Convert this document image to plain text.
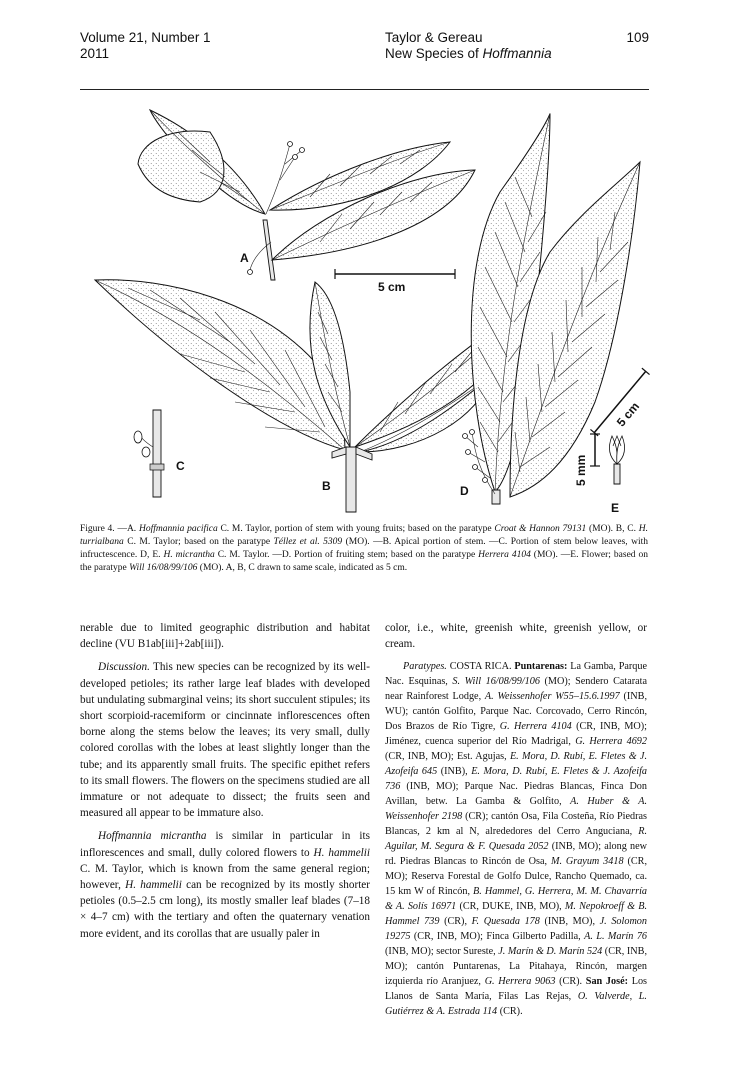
Volume 21, Number 1
2011
Taylor & Gereau
New Species of Hoffmannia
109
A
5 cm
B
C
D
5 cm
5 mm
E
Figure 4. —A. Hoffmannia pacifica C. M. Taylor, portion of stem with young fruits; based on the paratype Croat & Hannon 79131 (MO). B, C. H. turrialbana C. M. Taylor; based on the paratype Téllez et al. 5309 (MO). —B. Apical portion of stem. —C. Portion of stem below leaves, with infructescence. D, E. H. micrantha C. M. Taylor. —D. Portion of fruiting stem; based on the paratype Herrera 4104 (MO). —E. Flower; based on the paratype Will 16/08/99/106 (MO). A, B, C drawn to same scale, indicated as 5 cm.

nerable due to limited geographic distribution and habitat decline (VU B1ab[iii]+2ab[iii]).

Discussion. This new species can be recognized by its well-developed petioles; its rather large leaf blades with developed but undulating submarginal veins; its short succulent stipules; its short scorpioid-racemiform or cincinnate inflorescences often borne along the stems below the leaves; its very small, dully colored corollas with the lobes at least slightly longer than the tube; and its apparently small fruits. The specific epithet refers to its small flowers. The flowers on the specimens studied are all immature or not adequate to dissect; the fruits seen and measured all appear to be immature also.

Hoffmannia micrantha is similar in particular in its inflorescences and small, dully colored flowers to H. hammelii C. M. Taylor, which is known from the same general region; however, H. hammelii can be recognized by its mostly shorter petioles (0.5–2.5 cm long), its mostly smaller leaf blades (7–18 × 4–7 cm) with the tertiary and often the quaternary venation more evident, and its corollas that are usually paler in

color, i.e., white, greenish white, greenish yellow, or cream.

Paratypes. COSTA RICA. Puntarenas: La Gamba, Parque Nac. Esquinas, S. Will 16/08/99/106 (MO); Sendero Catarata near Rainforest Lodge, A. Weissenhofer W55–15.6.1997 (INB, WU); cantón Golfito, Parque Nac. Corcovado, Cerro Rincón, Dos Brazos de Río Tigre, G. Herrera 4104 (CR, INB, MO); Jiménez, cuenca superior del Río Madrigal, G. Herrera 4692 (CR, INB, MO); Est. Agujas, E. Mora, D. Rubí, E. Fletes & J. Azofeifa 645 (INB), E. Mora, D. Rubí, E. Fletes & J. Azofeifa 736 (INB, MO); Parque Nac. Piedras Blancas, Finca Don Avillan, betw. La Gamba & Golfito, A. Huber & A. Weissenhofer 2198 (CR); cantón Osa, Fila Costeña, Río Piedras Blancas, 2 km al N, alrededores del Cerro Anguciana, R. Aguilar, M. Segura & F. Quesada 2052 (INB, MO); along new rd. Piedras Blancas to Rincón de Osa, M. Grayum 3418 (CR, MO); Reserva Forestal de Golfo Dulce, Rancho Quemado, ca. 15 km W of Rincón, B. Hammel, G. Herrera, M. M. Chavarría & A. Solís 16971 (CR, DUKE, INB, MO), M. Nepokroeff & B. Hammel 739 (CR), F. Quesada 178 (INB, MO), J. Solomon 19275 (CR, INB, MO); Finca Gilberto Padilla, A. L. Marín 76 (INB, MO); sector Sureste, J. Marín & D. Marín 524 (CR, INB, MO); cantón Puntarenas, La Pitahaya, Rincón, margen izquierda río Aranjuez, G. Herrera 9063 (CR). San José: Los Llanos de Santa María, Filas Las Rejas, O. Valverde, L. Gutiérrez & A. Estrada 114 (CR).
